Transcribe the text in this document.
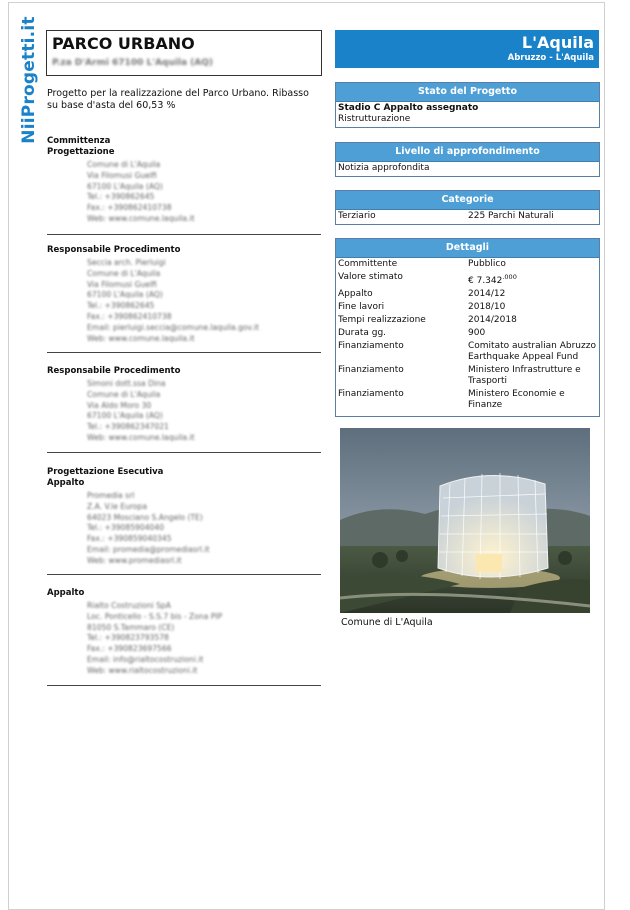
NiiProgetti.it PARCO URBANO
P.za D'Armi 67100 L'Aquila (AQ)
Progetto per la realizzazione del Parco Urbano. Ribasso su base d'asta del 60,53 %
Committenza
Progettazione
Comune di L'Aquila
Via Filomusi Guelfi
67100 L'Aquila (AQ)
Tel.: +390862645
Fax.: +390862410738
Web: www.comune.laquila.it
Responsabile Procedimento
Seccia arch. Pierluigi
Comune di L'Aquila
Via Filomusi Guelfi
67100 L'Aquila (AQ)
Tel.: +390862645
Fax.: +390862410738
Email: pierluigi.seccia@comune.laquila.gov.it
Web: www.comune.laquila.it
Responsabile Procedimento
Simoni dott.ssa Dina
Comune di L'Aquila
Via Aldo Moro 30
67100 L'Aquila (AQ)
Tel.: +390862347021
Web: www.comune.laquila.it
Progettazione Esecutiva
Appalto
Promedia srl
Z.A. V.le Europa
64023 Mosciano S.Angelo (TE)
Tel.: +39085904040
Fax.: +390859040345
Email: promedia@promediasrl.it
Web: www.promediasrl.it
Appalto
Rialto Costruzioni SpA
Loc. Ponticello - S.S.7 bis - Zona PIP
81050 S.Tammaro (CE)
Tel.: +390823793578
Fax.: +390823697566
Email: info@rialtocostruzioni.it
Web: www.rialtocostruzioni.it
L'Aquila
Abruzzo - L'Aquila
Stato del Progetto
Stadio C Appalto assegnato
Ristrutturazione
Livello di approfondimento
Notizia approfondita
Categorie
Terziario	225 Parchi Naturali
Dettagli
Committente	Pubblico
Valore stimato	€ $7.342^{.000}$
Appalto	2014/12
Fine lavori	2018/10
Tempi realizzazione	2014/2018
Durata gg.	900
Finanziamento	Comitato australian Abruzzo Earthquake Appeal Fund
Finanziamento	Ministero Infrastrutture e Trasporti
Finanziamento	Ministero Economie e Finanze
Comune di L'Aquila
